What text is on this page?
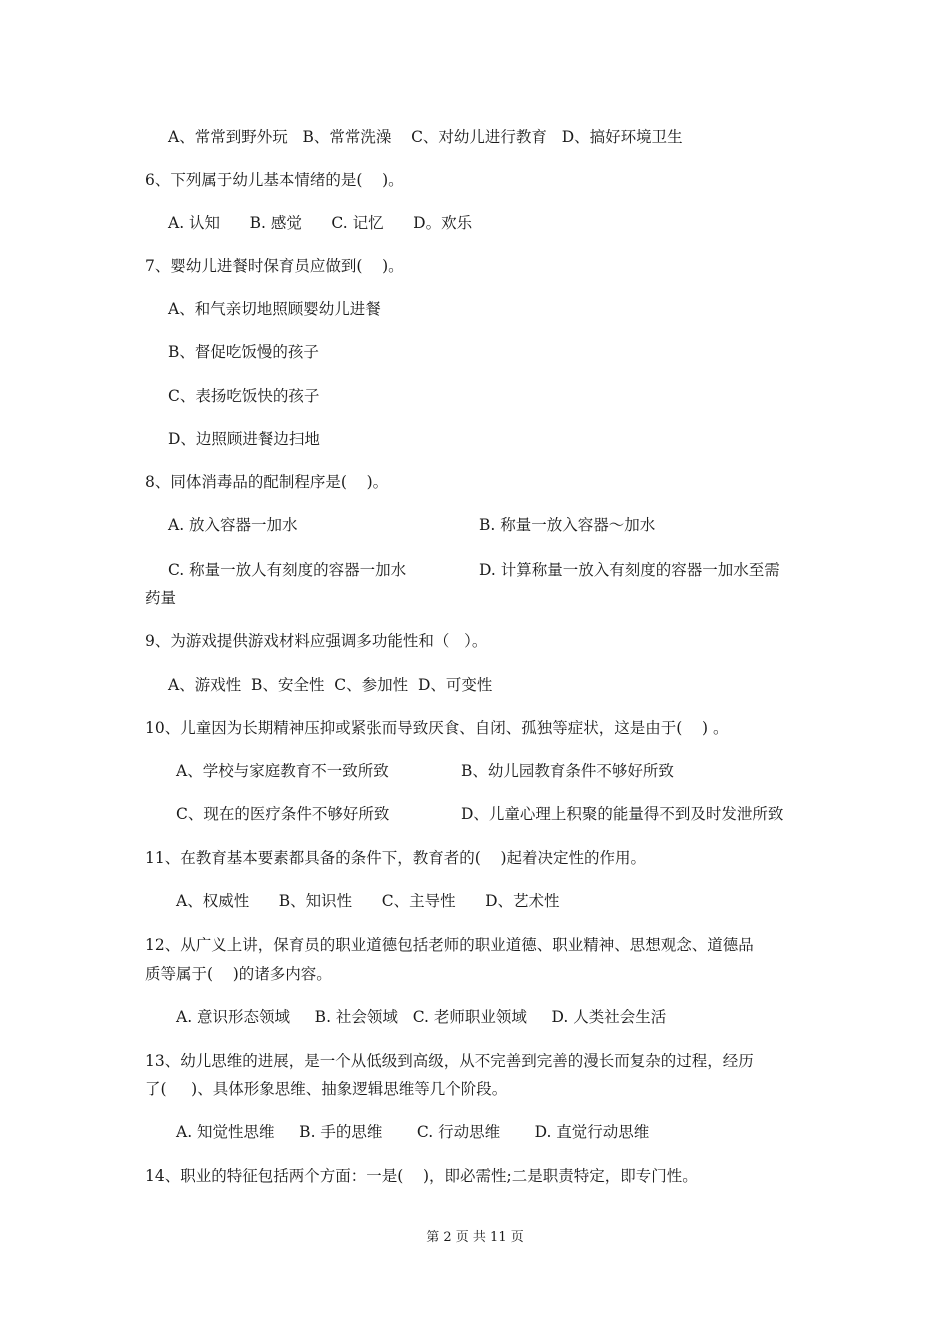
A、常常到野外玩   B、常常洗澡    C、对幼儿进行教育   D、搞好环境卫生
6、下列属于幼儿基本情绪的是(    )。
A. 认知      B. 感觉      C. 记忆      D。欢乐
7、婴幼儿进餐时保育员应做到(    )。
A、和气亲切地照顾婴幼儿进餐
B、督促吃饭慢的孩子
C、表扬吃饭快的孩子
D、边照顾进餐边扫地
8、同体消毒品的配制程序是(    )。
A. 放入容器一加水	B. 称量一放入容器～加水
C. 称量一放人有刻度的容器一加水	D. 计算称量一放入有刻度的容器一加水至需
药量
9、为游戏提供游戏材料应强调多功能性和（   ）。
A、游戏性  B、安全性  C、参加性  D、可变性
10、儿童因为长期精神压抑或紧张而导致厌食、自闭、孤独等症状，这是由于(    ) 。
A、学校与家庭教育不一致所致	B、幼儿园教育条件不够好所致
C、现在的医疗条件不够好所致	D、儿童心理上积聚的能量得不到及时发泄所致
11、在教育基本要素都具备的条件下，教育者的(    )起着决定性的作用。
A、权威性      B、知识性      C、主导性      D、艺术性
12、从广义上讲，保育员的职业道德包括老师的职业道德、职业精神、思想观念、道德品
质等属于(    )的诸多内容。
A. 意识形态领域     B. 社会领域   C. 老师职业领域     D. 人类社会生活
13、幼儿思维的进展，是一个从低级到高级，从不完善到完善的漫长而复杂的过程，经历
了(     )、具体形象思维、抽象逻辑思维等几个阶段。
A. 知觉性思维     B. 手的思维       C. 行动思维       D. 直觉行动思维
14、职业的特征包括两个方面：一是(    )，即必需性;二是职责特定，即专门性。
第 2 页 共 11 页
